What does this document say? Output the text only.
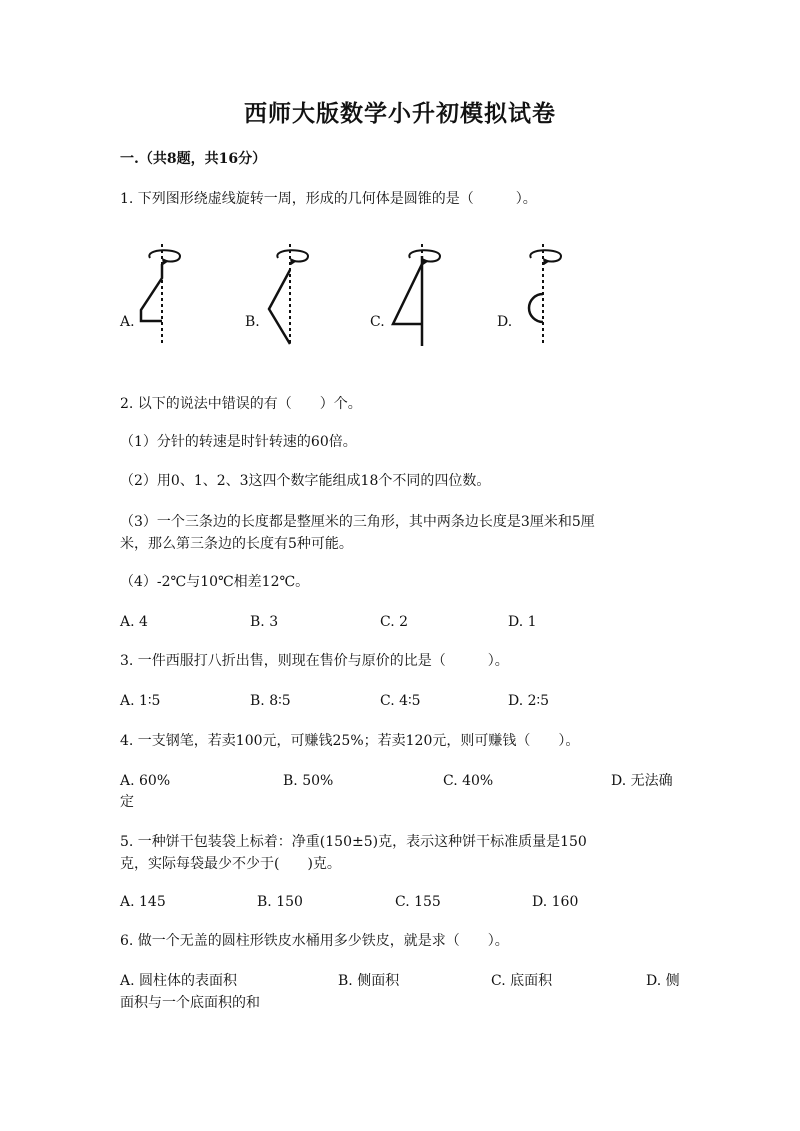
西师大版数学小升初模拟试卷
一.（共8题，共16分）
1. 下列图形绕虚线旋转一周，形成的几何体是圆锥的是（　　　）。
A.	B.	C.	D.
2. 以下的说法中错误的有（　　）个。
（1）分针的转速是时针转速的60倍。
（2）用0、1、2、3这四个数字能组成18个不同的四位数。
（3）一个三条边的长度都是整厘米的三角形，其中两条边长度是3厘米和5厘
米，那么第三条边的长度有5种可能。
（4）-2℃与10℃相差12℃。
A. 4	B. 3	C. 2	D. 1
3. 一件西服打八折出售，则现在售价与原价的比是（　　　）。
A. 1∶5	B. 8∶5	C. 4∶5	D. 2∶5
4. 一支钢笔，若卖100元，可赚钱25%；若卖120元，则可赚钱（　　）。
A. 60%	B. 50%	C. 40%	D. 无法确
定
5. 一种饼干包装袋上标着：净重(150±5)克，表示这种饼干标准质量是150
克，实际每袋最少不少于(　　)克。
A. 145	B. 150	C. 155	D. 160
6. 做一个无盖的圆柱形铁皮水桶用多少铁皮，就是求（　　）。
A. 圆柱体的表面积	B. 侧面积	C. 底面积	D. 侧
面积与一个底面积的和
